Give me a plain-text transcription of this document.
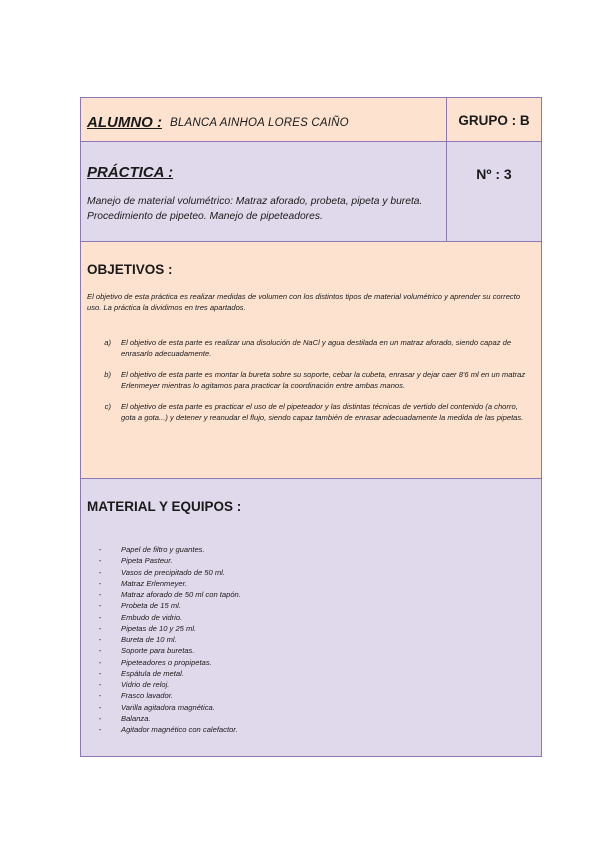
ALUMNO : BLANCA AINHOA LORES CAIÑO	GRUPO : B
PRÁCTICA :
Manejo de material volumétrico: Matraz aforado, probeta, pipeta y bureta. Procedimiento de pipeteo. Manejo de pipeteadores.
Nº : 3
OBJETIVOS :
El objetivo de esta práctica es realizar medidas de volumen con los distintos tipos de material volumétrico y aprender su correcto uso. La práctica la dividimos en tres apartados.
a)	El objetivo de esta parte es realizar una disolución de NaCl y agua destilada en un matraz aforado, siendo capaz de enrasarlo adecuadamente.
b)	El objetivo de esta parte es montar la bureta sobre su soporte, cebar la cubeta, enrasar y dejar caer 8'6 ml en un matraz Erlenmeyer mientras lo agitamos para practicar la coordinación entre ambas manos.
c)	El objetivo de esta parte es practicar el uso de el pipeteador y las distintas técnicas de vertido del contenido (a chorro, gota a gota...) y detener y reanudar el flujo, siendo capaz también de enrasar adecuadamente la medida de las pipetas.
MATERIAL Y EQUIPOS :
-	Papel de filtro y guantes.
-	Pipeta Pasteur.
-	Vasos de precipitado de 50 ml.
-	Matraz Erlenmeyer.
-	Matraz aforado de 50 ml con tapón.
-	Probeta de 15 ml.
-	Embudo de vidrio.
-	Pipetas de 10 y 25 ml.
-	Bureta de 10 ml.
-	Soporte para buretas.
-	Pipeteadores o propipetas.
-	Espátula de metal.
-	Vidrio de reloj.
-	Frasco lavador.
-	Varilla agitadora magnética.
-	Balanza.
-	Agitador magnético con calefactor.
